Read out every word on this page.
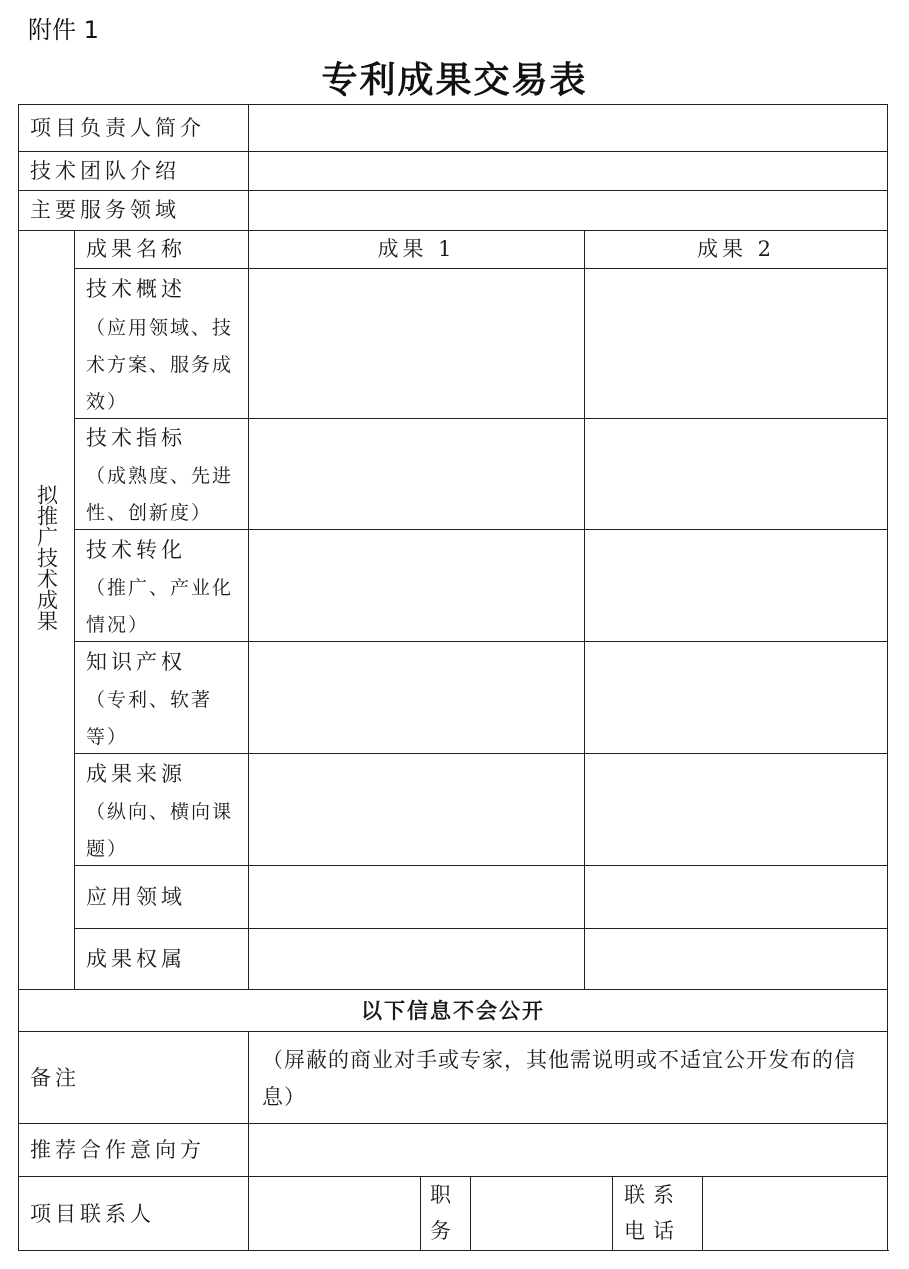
附件 1
专利成果交易表
项目负责人简介
技术团队介绍
主要服务领域
拟推广技术成果
成果名称	成果 1	成果 2
技术概述
（应用领域、技术方案、服务成效）
技术指标
（成熟度、先进性、创新度）
技术转化
（推广、产业化情况）
知识产权
（专利、软著等）
成果来源
（纵向、横向课题）
应用领域
成果权属
以下信息不会公开
备注
（屏蔽的商业对手或专家，其他需说明或不适宜公开发布的信息）
推荐合作意向方
项目联系人
职务
联系电话
